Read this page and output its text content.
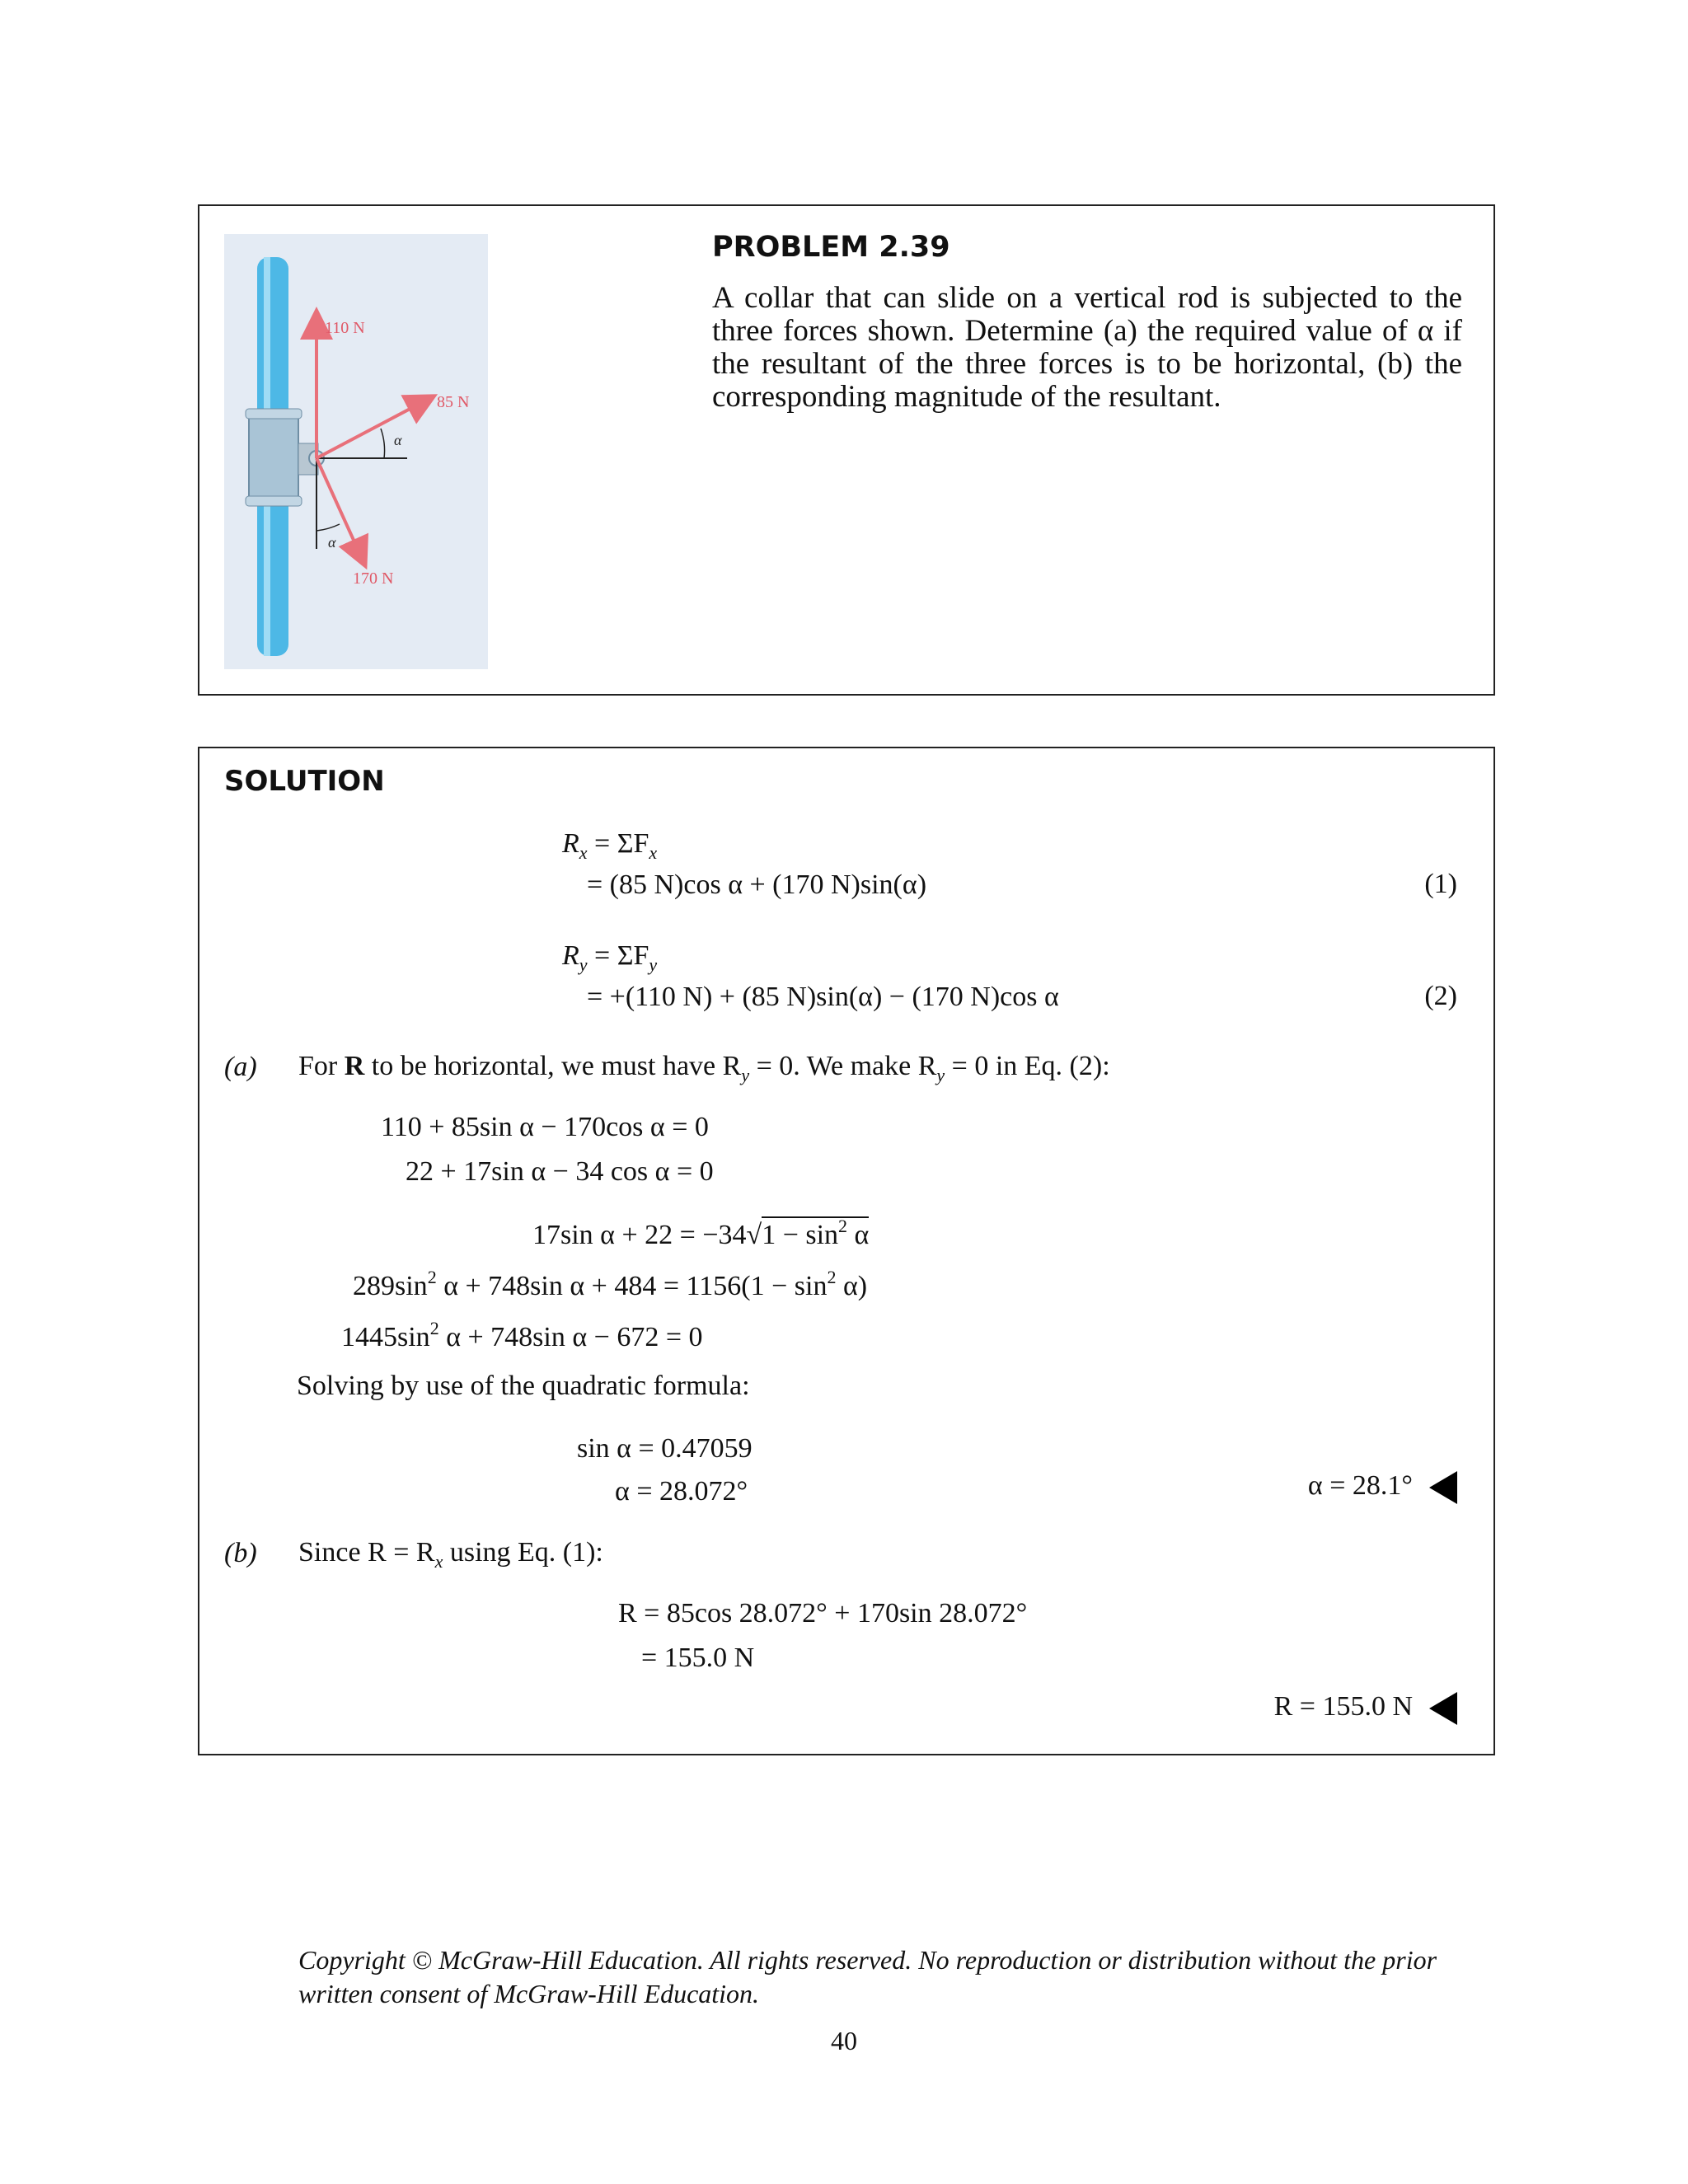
110 N
85 N
170 N
α
α
PROBLEM 2.39
A collar that can slide on a vertical rod is subjected to the three forces shown. Determine (a) the required value of α if the resultant of the three forces is to be horizontal, (b) the corresponding magnitude of the resultant.
SOLUTION
$R_x = \Sigma F_x$
= (85 N)cos α + (170 N)sin(α)	(1)
$R_y = \Sigma F_y$
= +(110 N) + (85 N)sin(α) − (170 N)cos α	(2)
(a) For R to be horizontal, we must have $R_y = 0$. We make $R_y = 0$ in Eq. (2):
110 + 85sin α − 170cos α = 0
22 + 17sin α − 34 cos α = 0
17sin $\alpha + 22 = -34√1 - \sin^2 \alpha$
$289\sin^2$ α + 748sin $\alpha + 484 = 1156(1 - \sin^2 \alpha)$
$1445\sin^2$ α + 748sin α − 672 = 0
Solving by use of the quadratic formula:
sin α = 0.47059
α = 28.072°	α = 28.1°
(b) Since $R = R_x$ using Eq. (1):
R = 85cos 28.072° + 170sin 28.072°
= 155.0 N
R = 155.0 N
Copyright © McGraw-Hill Education. All rights reserved. No reproduction or distribution without the prior written consent of McGraw-Hill Education.
40
